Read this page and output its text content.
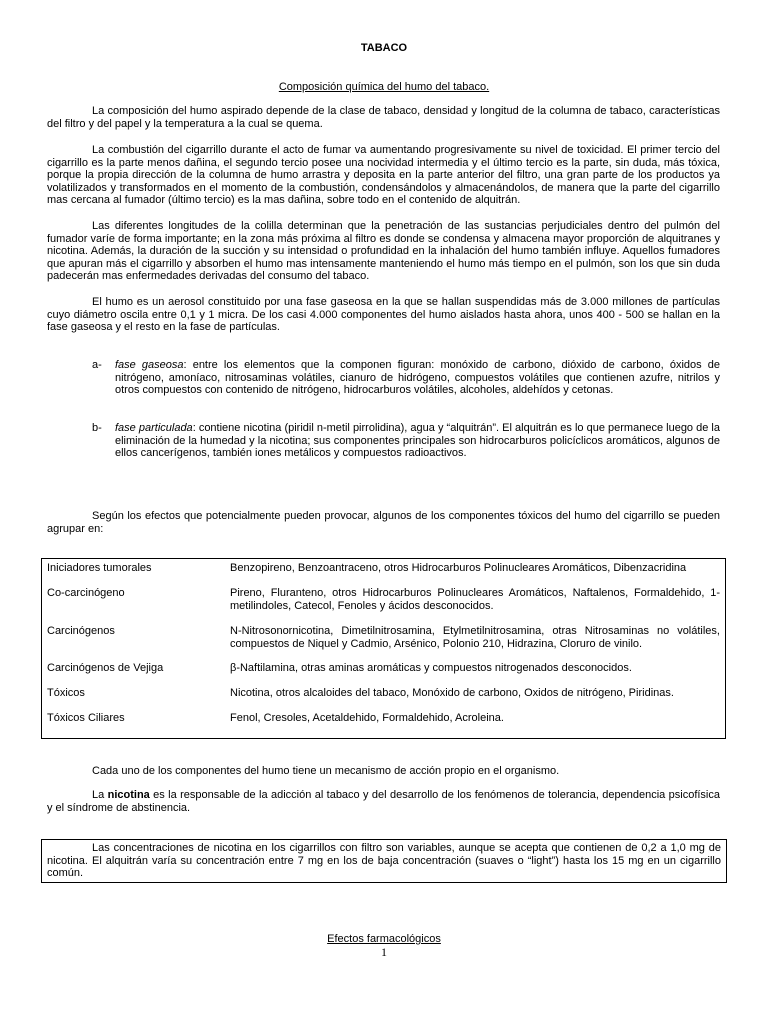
TABACO
Composición química del humo del tabaco.

La composición del humo aspirado depende de la clase de tabaco, densidad y longitud de la columna de tabaco, características del filtro y del papel y la temperatura a la cual se quema.

La combustión del cigarrillo durante el acto de fumar va aumentando progresivamente su nivel de toxicidad. El primer tercio del cigarrillo es la parte menos dañina, el segundo tercio posee una nocividad intermedia y el último tercio es la parte, sin duda, más tóxica, porque la propia dirección de la columna de humo arrastra y deposita en la parte anterior del filtro, una gran parte de los productos ya volatilizados y transformados en el momento de la combustión, condensándolos y almacenándolos, de manera que la parte del cigarrillo mas cercana al fumador (último tercio) es la mas dañina, sobre todo en el contenido de alquitrán.

Las diferentes longitudes de la colilla determinan que la penetración de las sustancias perjudiciales dentro del pulmón del fumador varíe de forma importante; en la zona más próxima al filtro es donde se condensa y almacena mayor proporción de alquitranes y nicotina. Además, la duración de la succión y su intensidad o profundidad en la inhalación del humo también influye. Aquellos fumadores que apuran más el cigarrillo y absorben el humo mas intensamente manteniendo el humo más tiempo en el pulmón, son los que sin duda padecerán mas enfermedades derivadas del consumo del tabaco.

El humo es un aerosol constituido por una fase gaseosa en la que se hallan suspendidas más de 3.000 millones de partículas cuyo diámetro oscila entre 0,1 y 1 micra. De los casi 4.000 componentes del humo aislados hasta ahora, unos 400 - 500 se hallan en la fase gaseosa y el resto en la fase de partículas.

a-	fase gaseosa: entre los elementos que la componen figuran: monóxido de carbono, dióxido de carbono, óxidos de nitrógeno, amoníaco, nitrosaminas volátiles, cianuro de hidrógeno, compuestos volátiles que contienen azufre, nitrilos y otros compuestos con contenido de nitrógeno, hidrocarburos volátiles, alcoholes, aldehídos y cetonas.
b-	fase particulada: contiene nicotina (piridil n-metil pirrolidina), agua y “alquitrán”. El alquitrán es lo que permanece luego de la eliminación de la humedad y la nicotina; sus componentes principales son hidrocarburos policíclicos aromáticos, algunos de ellos cancerígenos, también iones metálicos y compuestos radioactivos.

Según los efectos que potencialmente pueden provocar, algunos de los componentes tóxicos del humo del cigarrillo se pueden agrupar en:

Iniciadores tumorales	Benzopireno, Benzoantraceno, otros Hidrocarburos Polinucleares Aromáticos, Dibenzacridina
Co-carcinógeno	Pireno, Fluranteno, otros Hidrocarburos Polinucleares Aromáticos, Naftalenos, Formaldehido, 1-metilindoles, Catecol, Fenoles y ácidos desconocidos.
Carcinógenos	N-Nitrosonornicotina, Dimetilnitrosamina, Etylmetilnitrosamina, otras Nitrosaminas no volátiles, compuestos de Niquel y Cadmio, Arsénico, Polonio 210, Hidrazina, Cloruro de vinilo.
Carcinógenos de Vejiga	β-Naftilamina, otras aminas aromáticas y compuestos nitrogenados desconocidos.
Tóxicos	Nicotina, otros alcaloides del tabaco, Monóxido de carbono, Oxidos de nitrógeno, Piridinas.
Tóxicos Ciliares	Fenol, Cresoles, Acetaldehido, Formaldehido, Acroleina.

Cada uno de los componentes del humo tiene un mecanismo de acción propio en el organismo.

La nicotina es la responsable de la adicción al tabaco y del desarrollo de los fenómenos de tolerancia, dependencia psicofísica y el síndrome de abstinencia.

Las concentraciones de nicotina en los cigarrillos con filtro son variables, aunque se acepta que contienen de 0,2 a 1,0 mg de nicotina. El alquitrán varía su concentración entre 7 mg en los de baja concentración (suaves o “light”) hasta los 15 mg en un cigarrillo común.

Efectos farmacológicos
1
